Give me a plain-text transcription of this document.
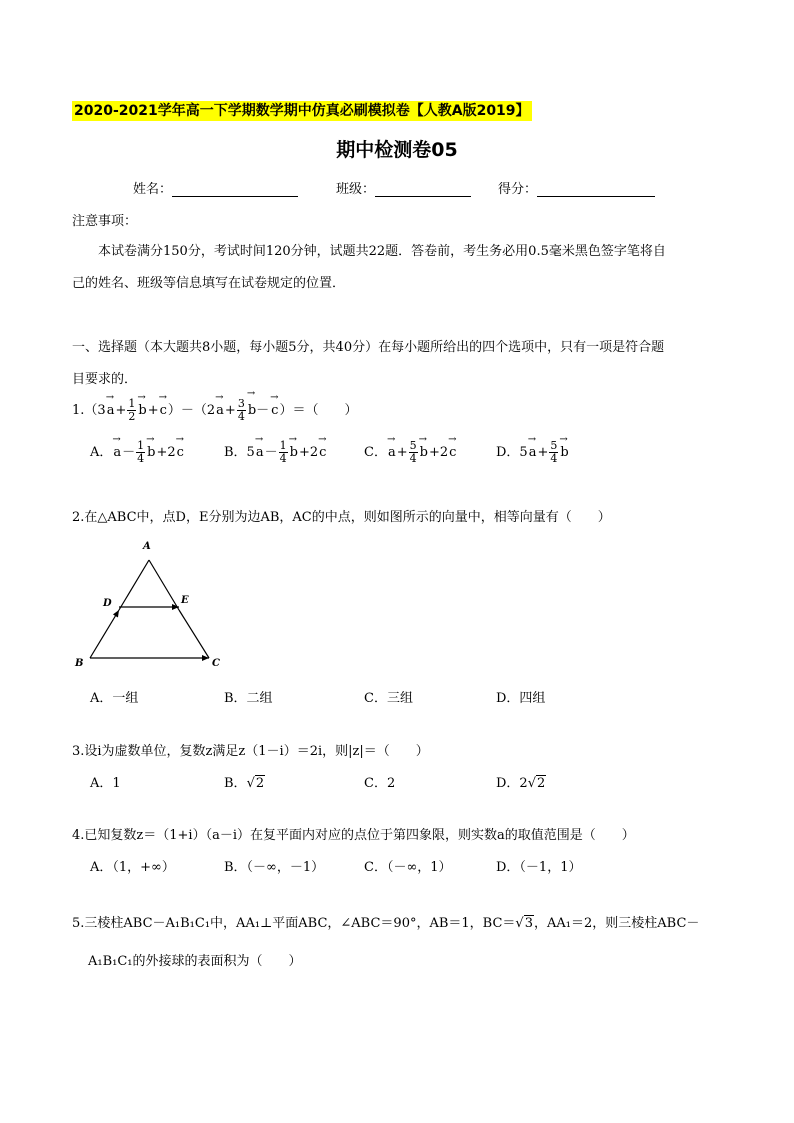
2020-2021学年高一下学期数学期中仿真必刷模拟卷【人教A版2019】
期中检测卷05
姓名：	班级：	得分：
注意事项：
本试卷满分150分，考试时间120分钟，试题共22题．答卷前，考生务必用0.5毫米黑色签字笔将自
己的姓名、班级等信息填写在试卷规定的位置．
一、选择题（本大题共8小题，每小题5分，共40分）在每小题所给出的四个选项中，只有一项是符合题
目要求的．
$1.(3\to a+ \frac{1}{2}$
→ $b+\to c)-(2\to a+ \frac{3}{4}$
→ b－→ c）＝（　　）
A．→ $a- \frac{1}{4}$
→ b+2→ c	B．$5\to a- \frac{1}{4}$
→ b+2→ c	C．→ $a+ \frac{5}{4}$
→ b+2→ c	D．$5\to a+ \frac{5}{4}$
→ b
2.在△ABC中，点D，E分别为边AB，AC的中点，则如图所示的向量中，相等向量有（　　）
A
D	E
B	C
A．一组	B．二组	C．三组	D．四组
3.设i为虚数单位，复数z满足z（1－i）＝2i，则|z|＝（　　）
A．1	B．√2	C．2	D．2√2
4.已知复数z＝（1+i）（a－i）在复平面内对应的点位于第四象限，则实数a的取值范围是（　　）
A．（1，+∞）	B．（－∞，－1）	C．（－∞，1）	D．（－1，1）
5.三棱柱ABC－A₁B₁C₁中，AA₁⊥平面ABC，∠ABC＝90°，AB＝1，BC＝√3，AA₁＝2，则三棱柱ABC－
A₁B₁C₁的外接球的表面积为（　　）
